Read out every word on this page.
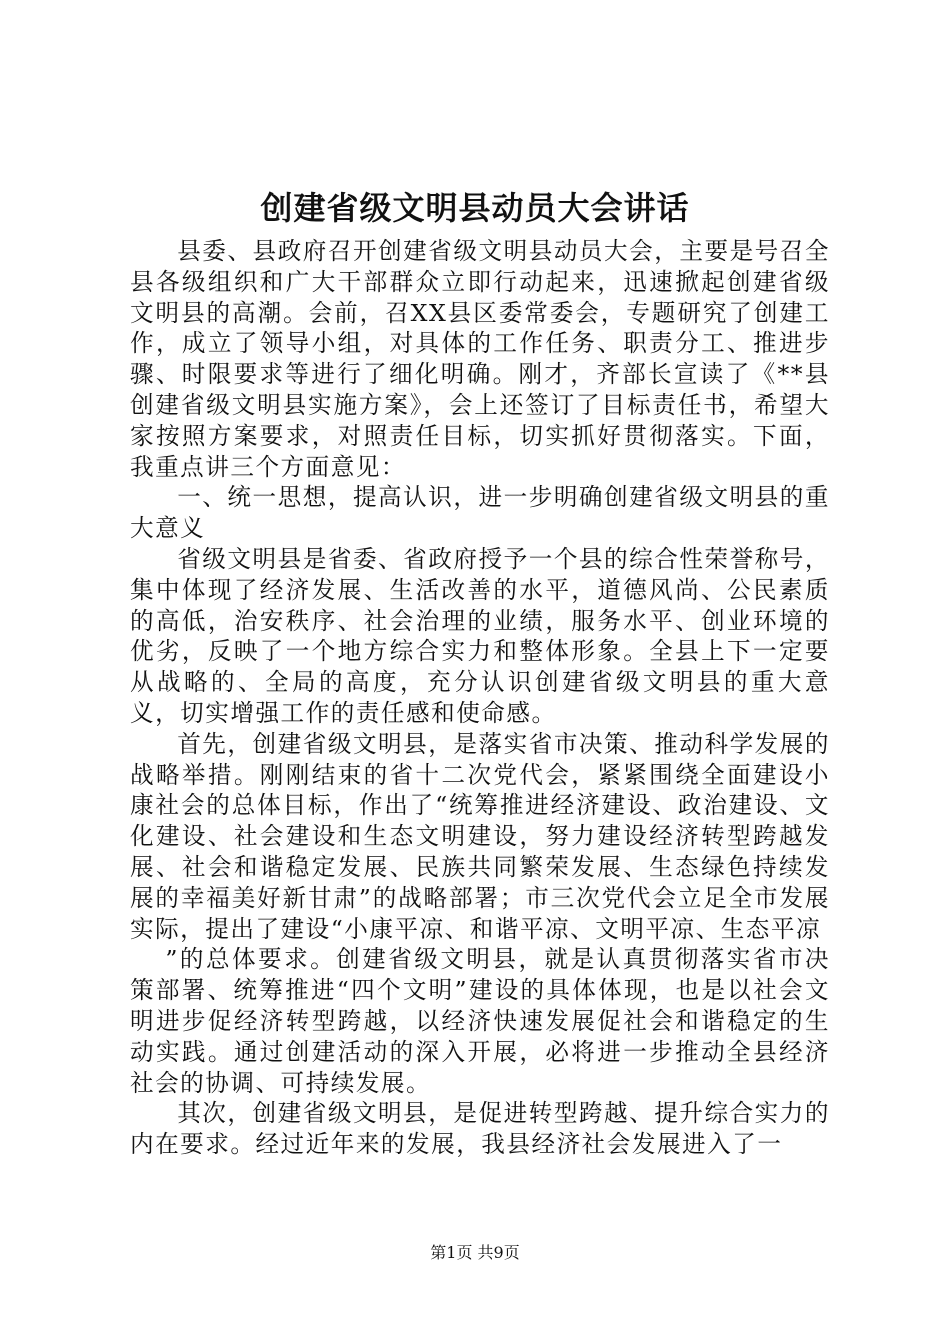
创建省级文明县动员大会讲话

县委、县政府召开创建省级文明县动员大会，主要是号召全县各级组织和广大干部群众立即行动起来，迅速掀起创建省级文明县的高潮。会前，召XX县区委常委会，专题研究了创建工作，成立了领导小组，对具体的工作任务、职责分工、推进步骤、时限要求等进行了细化明确。刚才，齐部长宣读了《**县创建省级文明县实施方案》，会上还签订了目标责任书，希望大家按照方案要求，对照责任目标，切实抓好贯彻落实。下面，我重点讲三个方面意见：

一、统一思想，提高认识，进一步明确创建省级文明县的重大意义

省级文明县是省委、省政府授予一个县的综合性荣誉称号，集中体现了经济发展、生活改善的水平，道德风尚、公民素质的高低，治安秩序、社会治理的业绩，服务水平、创业环境的优劣，反映了一个地方综合实力和整体形象。全县上下一定要从战略的、全局的高度，充分认识创建省级文明县的重大意义，切实增强工作的责任感和使命感。

首先，创建省级文明县，是落实省市决策、推动科学发展的战略举措。刚刚结束的省十二次党代会，紧紧围绕全面建设小康社会的总体目标，作出了“统筹推进经济建设、政治建设、文化建设、社会建设和生态文明建设，努力建设经济转型跨越发展、社会和谐稳定发展、民族共同繁荣发展、生态绿色持续发展的幸福美好新甘肃”的战略部署；市三次党代会立足全市发展实际，提出了建设“小康平凉、和谐平凉、文明平凉、生态平凉

”的总体要求。创建省级文明县，就是认真贯彻落实省市决策部署、统筹推进“四个文明”建设的具体体现，也是以社会文明进步促经济转型跨越，以经济快速发展促社会和谐稳定的生动实践。通过创建活动的深入开展，必将进一步推动全县经济社会的协调、可持续发展。

其次，创建省级文明县，是促进转型跨越、提升综合实力的内在要求。经过近年来的发展，我县经济社会发展进入了一

第1页 共9页
